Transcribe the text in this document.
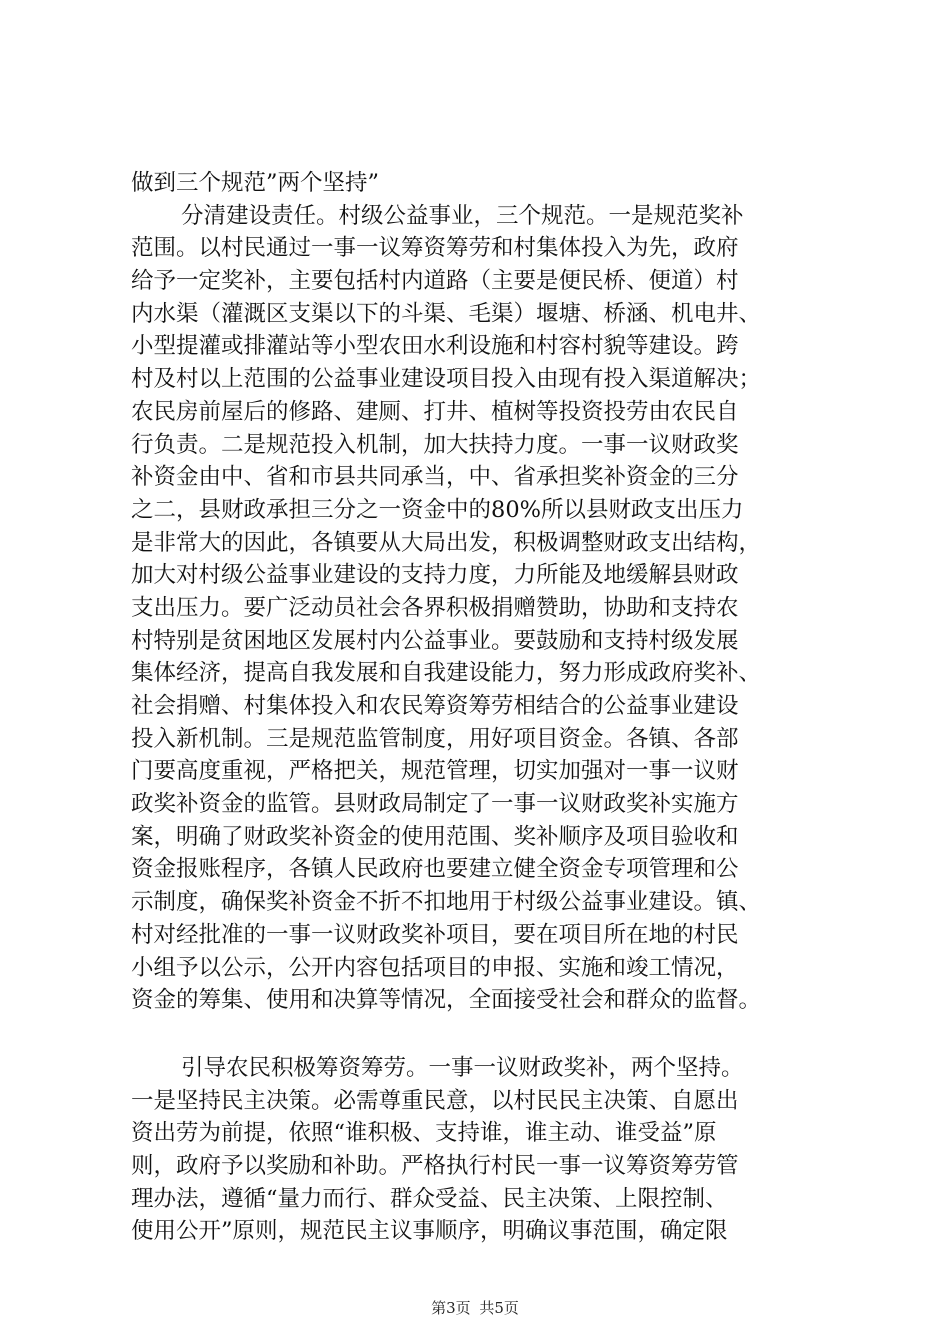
做到三个规范”两个坚持”
分清建设责任。村级公益事业，三个规范。一是规范奖补
范围。以村民通过一事一议筹资筹劳和村集体投入为先，政府
给予一定奖补，主要包括村内道路（主要是便民桥、便道）村
内水渠（灌溉区支渠以下的斗渠、毛渠）堰塘、桥涵、机电井、
小型提灌或排灌站等小型农田水利设施和村容村貌等建设。跨
村及村以上范围的公益事业建设项目投入由现有投入渠道解决；
农民房前屋后的修路、建厕、打井、植树等投资投劳由农民自
行负责。二是规范投入机制，加大扶持力度。一事一议财政奖
补资金由中、省和市县共同承当，中、省承担奖补资金的三分
之二，县财政承担三分之一资金中的80%所以县财政支出压力
是非常大的因此，各镇要从大局出发，积极调整财政支出结构，
加大对村级公益事业建设的支持力度，力所能及地缓解县财政
支出压力。要广泛动员社会各界积极捐赠赞助，协助和支持农
村特别是贫困地区发展村内公益事业。要鼓励和支持村级发展
集体经济，提高自我发展和自我建设能力，努力形成政府奖补、
社会捐赠、村集体投入和农民筹资筹劳相结合的公益事业建设
投入新机制。三是规范监管制度，用好项目资金。各镇、各部
门要高度重视，严格把关，规范管理，切实加强对一事一议财
政奖补资金的监管。县财政局制定了一事一议财政奖补实施方
案，明确了财政奖补资金的使用范围、奖补顺序及项目验收和
资金报账程序，各镇人民政府也要建立健全资金专项管理和公
示制度，确保奖补资金不折不扣地用于村级公益事业建设。镇、
村对经批准的一事一议财政奖补项目，要在项目所在地的村民
小组予以公示，公开内容包括项目的申报、实施和竣工情况，
资金的筹集、使用和决算等情况，全面接受社会和群众的监督。
引导农民积极筹资筹劳。一事一议财政奖补，两个坚持。
一是坚持民主决策。必需尊重民意，以村民民主决策、自愿出
资出劳为前提，依照“谁积极、支持谁，谁主动、谁受益”原
则，政府予以奖励和补助。严格执行村民一事一议筹资筹劳管
理办法，遵循“量力而行、群众受益、民主决策、上限控制、
使用公开”原则，规范民主议事顺序，明确议事范围，确定限
第3页 共5页
